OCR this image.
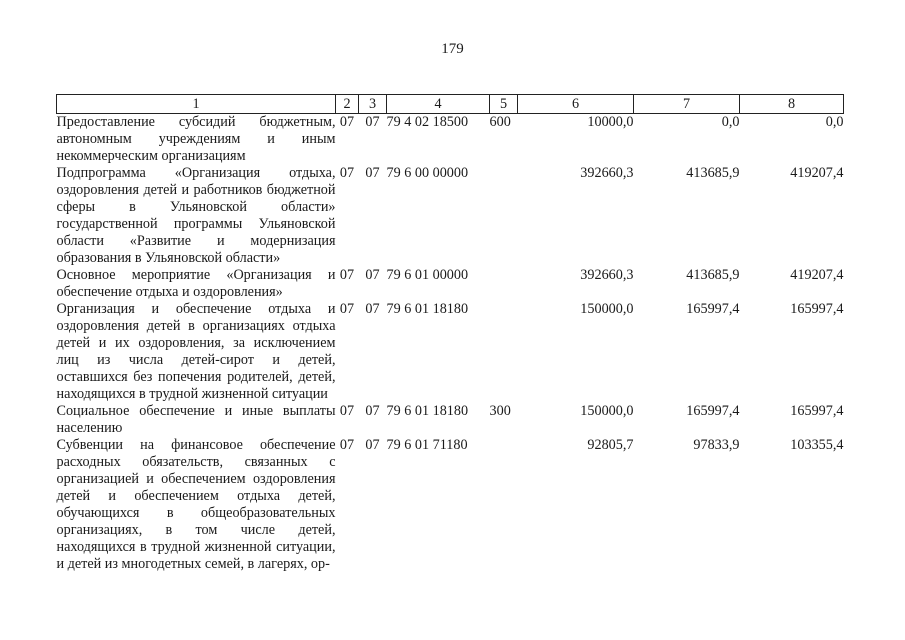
179
1	2	3	4	5	6	7	8
Предоставление субсидий бюджетным, автономным учреждениям и иным некоммерческим организациям	07	07	79 4 02 18500	600	10000,0	0,0	0,0
Подпрограмма «Организация отдыха, оздоровления детей и работников бюджетной сферы в Ульяновской области» государственной программы Ульяновской области «Развитие и модернизация образования в Ульяновской области»	07	07	79 6 00 00000		392660,3	413685,9	419207,4
Основное мероприятие «Организация и обеспечение отдыха и оздоровления»	07	07	79 6 01 00000		392660,3	413685,9	419207,4
Организация и обеспечение отдыха и оздоровления детей в организациях отдыха детей и их оздоровления, за исключением лиц из числа детей-сирот и детей, оставшихся без попечения родителей, детей, находящихся в трудной жизненной ситуации	07	07	79 6 01 18180		150000,0	165997,4	165997,4
Социальное обеспечение и иные выплаты населению	07	07	79 6 01 18180	300	150000,0	165997,4	165997,4
Субвенции на финансовое обеспечение расходных обязательств, связанных с организацией и обеспечением оздоровления детей и обеспечением отдыха детей, обучающихся в общеобразовательных организациях, в том числе детей, находящихся в трудной жизненной ситуации, и детей из многодетных семей, в лагерях, ор-	07	07	79 6 01 71180		92805,7	97833,9	103355,4
